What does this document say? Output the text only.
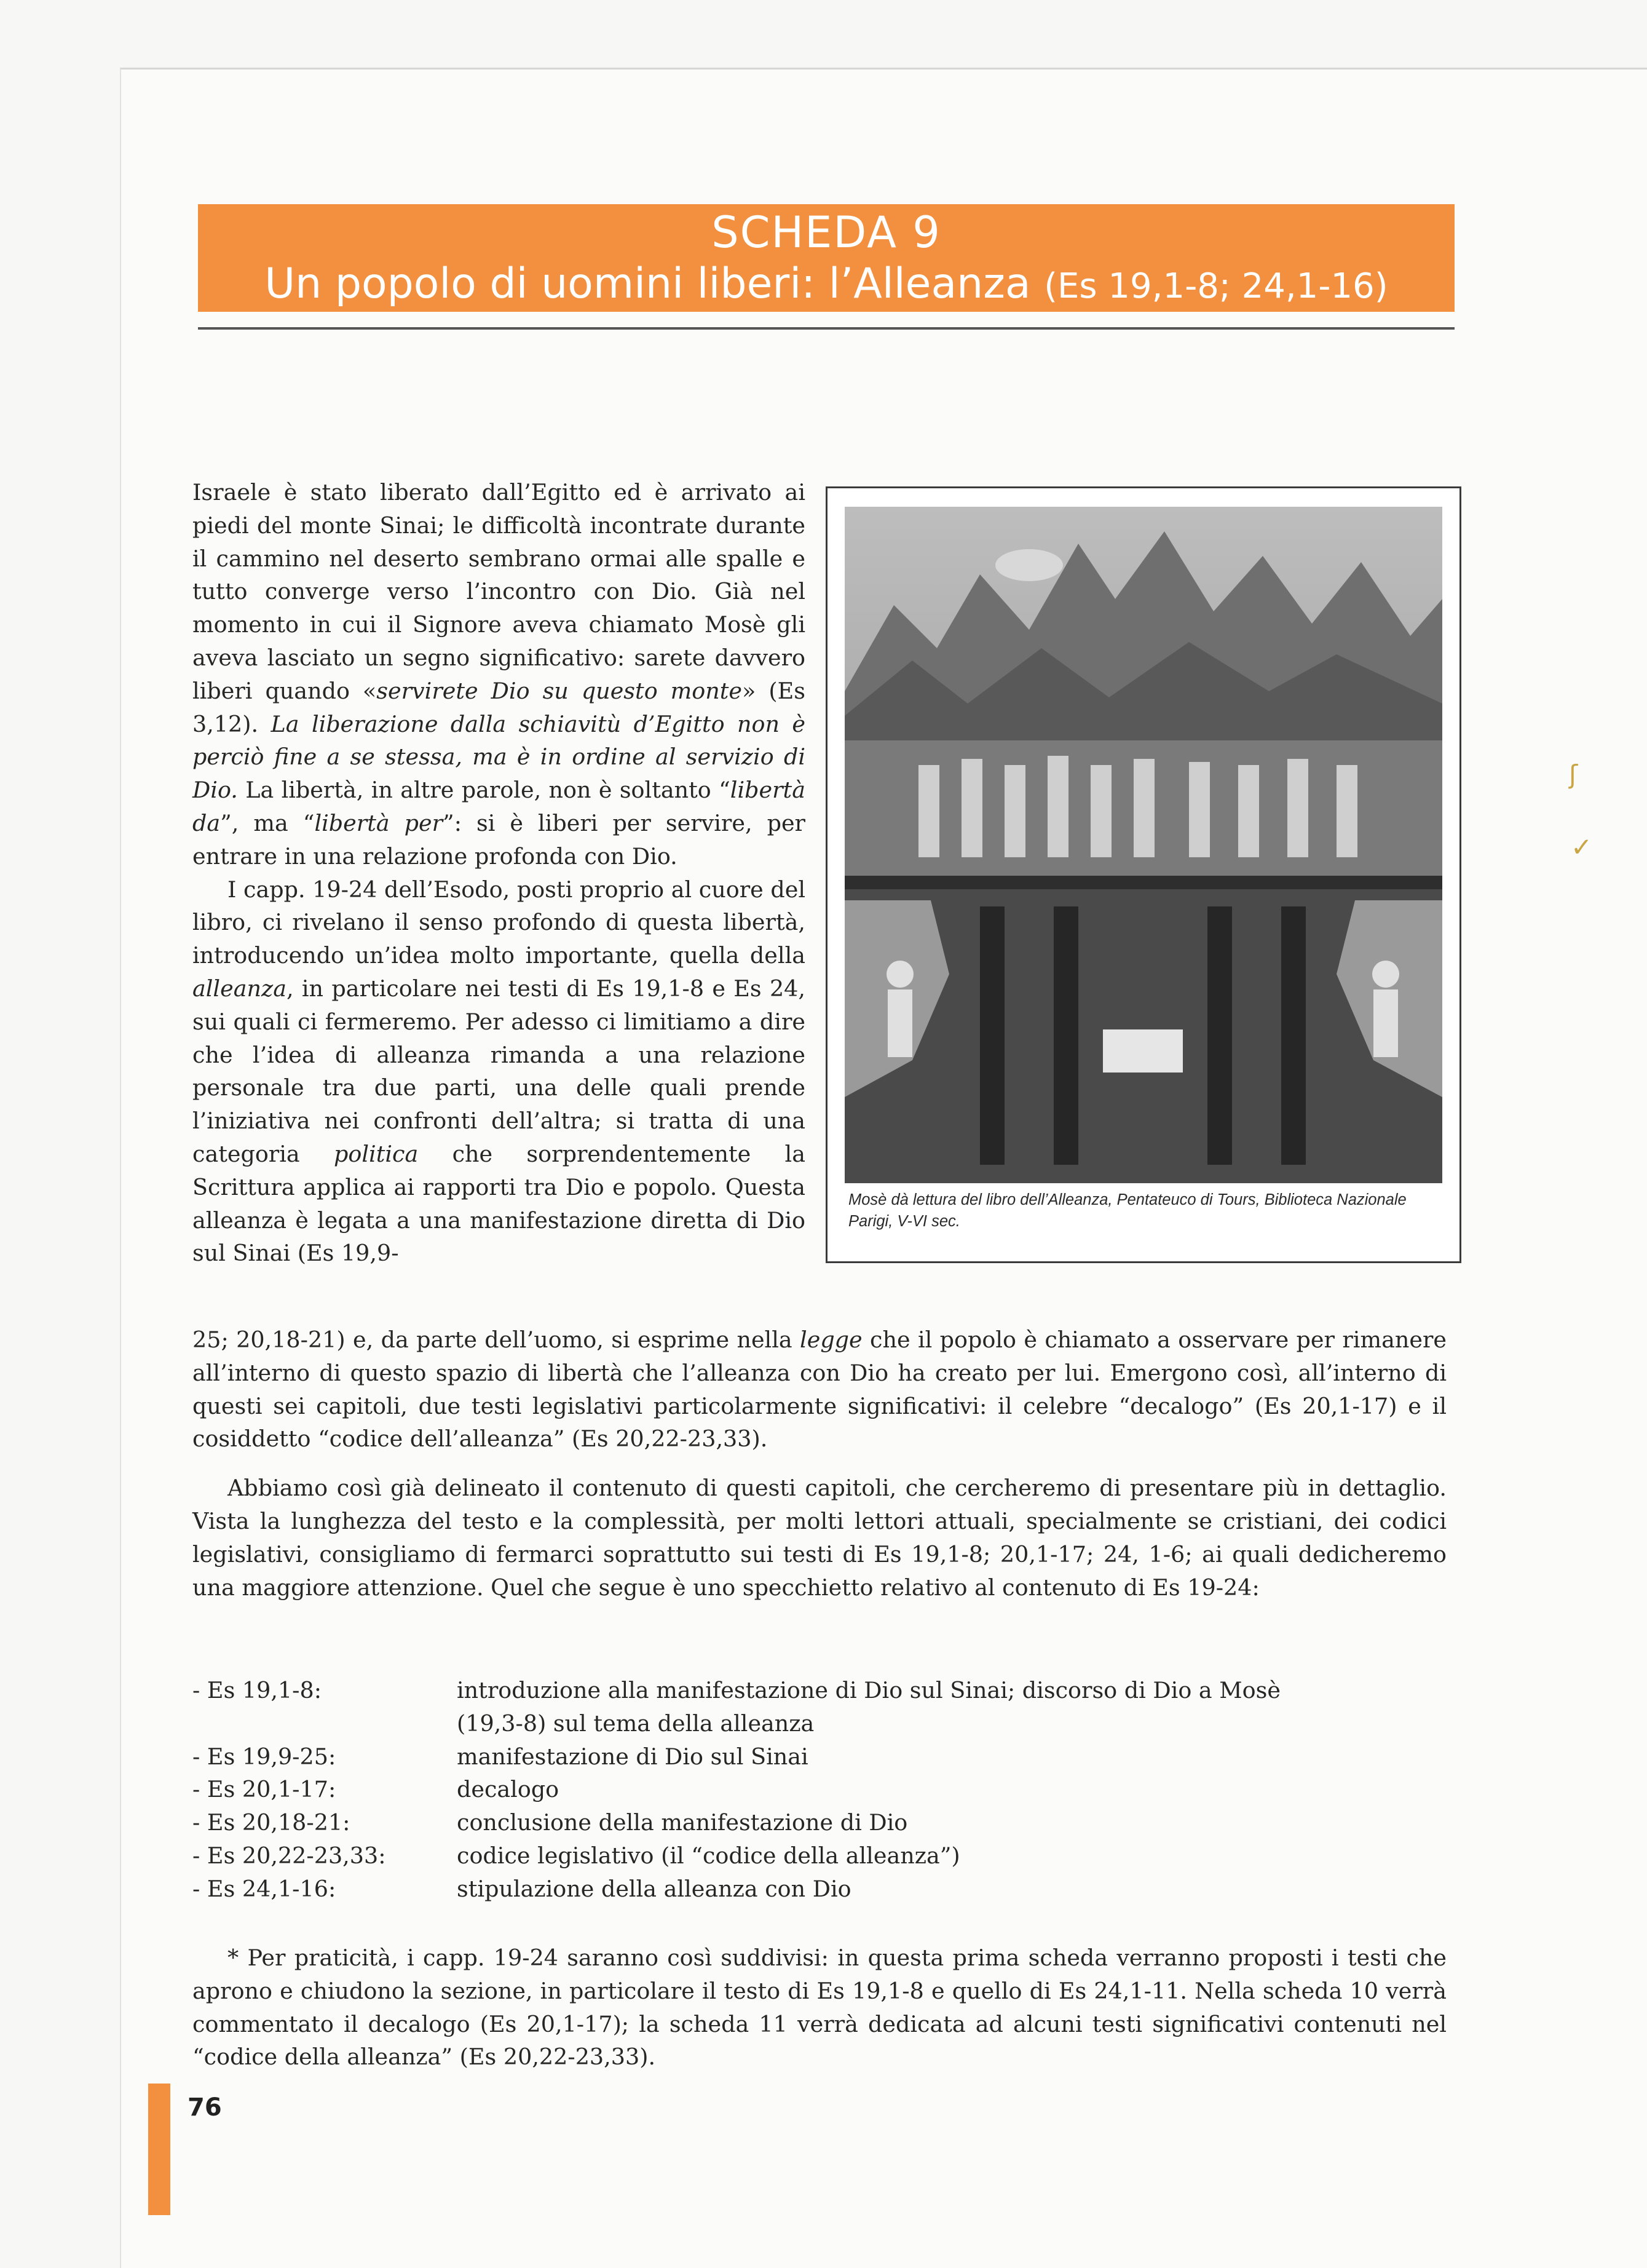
SCHEDA 9
Un popolo di uomini liberi: l’Alleanza (Es 19,1-8; 24,1-16)

Israele è stato liberato dall’Egitto ed è arrivato ai piedi del monte Sinai; le difficoltà incontrate durante il cammino nel deserto sembrano ormai alle spalle e tutto converge verso l’incontro con Dio. Già nel momento in cui il Signore aveva chiamato Mosè gli aveva lasciato un segno significativo: sarete davvero liberi quando «servirete Dio su questo monte» (Es 3,12). La liberazione dalla schiavitù d’Egitto non è perciò fine a se stessa, ma è in ordine al servizio di Dio. La libertà, in altre parole, non è soltanto “libertà da”, ma “libertà per”: si è liberi per servire, per entrare in una relazione profonda con Dio.

I capp. 19-24 dell’Esodo, posti proprio al cuore del libro, ci rivelano il senso profondo di questa libertà, introducendo un’idea molto importante, quella della alleanza, in particolare nei testi di Es 19,1-8 e Es 24, sui quali ci fermeremo. Per adesso ci limitiamo a dire che l’idea di alleanza rimanda a una relazione personale tra due parti, una delle quali prende l’iniziativa nei confronti dell’altra; si tratta di una categoria politica che sorprendentemente la Scrittura applica ai rapporti tra Dio e popolo. Questa alleanza è legata a una manifestazione diretta di Dio sul Sinai (Es 19,9-

Mosè dà lettura del libro dell’Alleanza, Pentateuco di Tours, Biblioteca Nazionale Parigi, V-VI sec.

25; 20,18-21) e, da parte dell’uomo, si esprime nella legge che il popolo è chiamato a osservare per rimanere all’interno di questo spazio di libertà che l’alleanza con Dio ha creato per lui. Emergono così, all’interno di questi sei capitoli, due testi legislativi particolarmente significativi: il celebre “decalogo” (Es 20,1-17) e il cosiddetto “codice dell’alleanza” (Es 20,22-23,33).

Abbiamo così già delineato il contenuto di questi capitoli, che cercheremo di presentare più in dettaglio. Vista la lunghezza del testo e la complessità, per molti lettori attuali, specialmente se cristiani, dei codici legislativi, consigliamo di fermarci soprattutto sui testi di Es 19,1-8; 20,1-17; 24, 1-6; ai quali dedicheremo una maggiore attenzione. Quel che segue è uno specchietto relativo al contenuto di Es 19-24:

- Es 19,1-8:	introduzione alla manifestazione di Dio sul Sinai; discorso di Dio a Mosè
(19,3-8) sul tema della alleanza
- Es 19,9-25:	manifestazione di Dio sul Sinai
- Es 20,1-17:	decalogo
- Es 20,18-21:	conclusione della manifestazione di Dio
- Es 20,22-23,33:	codice legislativo (il “codice della alleanza”)
- Es 24,1-16:	stipulazione della alleanza con Dio
* Per praticità, i capp. 19-24 saranno così suddivisi: in questa prima scheda verranno proposti i testi che aprono e chiudono la sezione, in particolare il testo di Es 19,1-8 e quello di Es 24,1-11. Nella scheda 10 verrà commentato il decalogo (Es 20,1-17); la scheda 11 verrà dedicata ad alcuni testi significativi contenuti nel “codice della alleanza” (Es 20,22-23,33).
76
ʃ
✓
